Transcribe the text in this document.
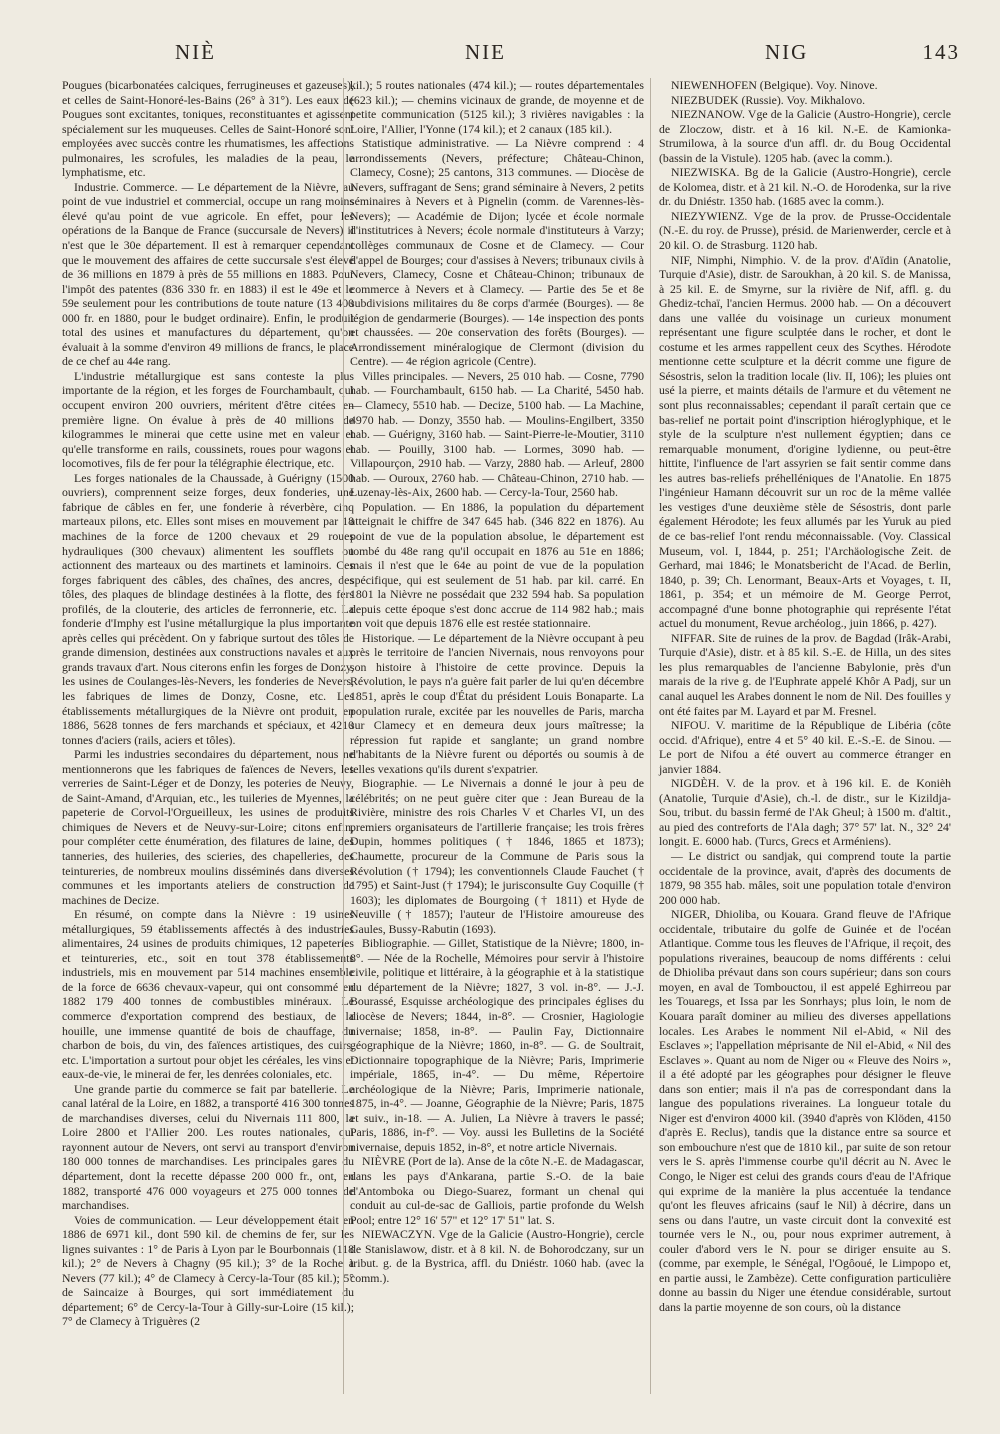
NIÈ	NIE	NIG	143

Pougues (bicarbonatées calciques, ferrugineuses et gazeuses), et celles de Saint-Honoré-les-Bains (26° à 31°). Les eaux de Pougues sont excitantes, toniques, reconstituantes et agissent spécialement sur les muqueuses. Celles de Saint-Honoré sont employées avec succès contre les rhumatismes, les affections pulmonaires, les scrofules, les maladies de la peau, le lymphatisme, etc.

Industrie. Commerce. — Le département de la Nièvre, au point de vue industriel et commercial, occupe un rang moins élevé qu'au point de vue agricole. En effet, pour les opérations de la Banque de France (succursale de Nevers) il n'est que le 30e département. Il est à remarquer cependant que le mouvement des affaires de cette succursale s'est élevé de 36 millions en 1879 à près de 55 millions en 1883. Pour l'impôt des patentes (836 330 fr. en 1883) il est le 49e et le 59e seulement pour les contributions de toute nature (13 400 000 fr. en 1880, pour le budget ordinaire). Enfin, le produit total des usines et manufactures du département, qu'on évaluait à la somme d'environ 49 millions de francs, le place de ce chef au 44e rang.

L'industrie métallurgique est sans conteste la plus importante de la région, et les forges de Fourchambault, qui occupent environ 200 ouvriers, méritent d'être citées en première ligne. On évalue à près de 40 millions de kilogrammes le minerai que cette usine met en valeur et qu'elle transforme en rails, coussinets, roues pour wagons et locomotives, fils de fer pour la télégraphie électrique, etc.

Les forges nationales de la Chaussade, à Guérigny (1500 ouvriers), comprennent seize forges, deux fonderies, une fabrique de câbles en fer, une fonderie à réverbère, cinq marteaux pilons, etc. Elles sont mises en mouvement par 18 machines de la force de 1200 chevaux et 29 roues hydrauliques (300 chevaux) alimentent les soufflets ou actionnent des marteaux ou des martinets et laminoirs. Ces forges fabriquent des câbles, des chaînes, des ancres, des tôles, des plaques de blindage destinées à la flotte, des fers profilés, de la clouterie, des articles de ferronnerie, etc. La fonderie d'Imphy est l'usine métallurgique la plus importante après celles qui précèdent. On y fabrique surtout des tôles de grande dimension, destinées aux constructions navales et aux grands travaux d'art. Nous citerons enfin les forges de Donzy, les usines de Coulanges-lès-Nevers, les fonderies de Nevers, les fabriques de limes de Donzy, Cosne, etc. Les établissements métallurgiques de la Nièvre ont produit, en 1886, 5628 tonnes de fers marchands et spéciaux, et 4210 tonnes d'aciers (rails, aciers et tôles).

Parmi les industries secondaires du département, nous ne mentionnerons que les fabriques de faïences de Nevers, les verreries de Saint-Léger et de Donzy, les poteries de Neuvy, de Saint-Amand, d'Arquian, etc., les tuileries de Myennes, la papeterie de Corvol-l'Orgueilleux, les usines de produits chimiques de Nevers et de Neuvy-sur-Loire; citons enfin, pour compléter cette énumération, des filatures de laine, des tanneries, des huileries, des scieries, des chapelleries, des teintureries, de nombreux moulins disséminés dans diverses communes et les importants ateliers de construction de machines de Decize.

En résumé, on compte dans la Nièvre : 19 usines métallurgiques, 59 établissements affectés à des industries alimentaires, 24 usines de produits chimiques, 12 papeteries et teintureries, etc., soit en tout 378 établissements industriels, mis en mouvement par 514 machines ensemble de la force de 6636 chevaux-vapeur, qui ont consommé en 1882 179 400 tonnes de combustibles minéraux. Le commerce d'exportation comprend des bestiaux, de la houille, une immense quantité de bois de chauffage, du charbon de bois, du vin, des faïences artistiques, des cuirs, etc. L'importation a surtout pour objet les céréales, les vins et eaux-de-vie, le minerai de fer, les denrées coloniales, etc.

Une grande partie du commerce se fait par batellerie. Le canal latéral de la Loire, en 1882, a transporté 416 300 tonnes de marchandises diverses, celui du Nivernais 111 800, la Loire 2800 et l'Allier 200. Les routes nationales, qui rayonnent autour de Nevers, ont servi au transport d'environ 180 000 tonnes de marchandises. Les principales gares du département, dont la recette dépasse 200 000 fr., ont, en 1882, transporté 476 000 voyageurs et 275 000 tonnes de marchandises.

Voies de communication. — Leur développement était en 1886 de 6971 kil., dont 590 kil. de chemins de fer, sur les lignes suivantes : 1° de Paris à Lyon par le Bourbonnais (118 kil.); 2° de Nevers à Chagny (95 kil.); 3° de la Roche à Nevers (77 kil.); 4° de Clamecy à Cercy-la-Tour (85 kil.); 5° de Saincaize à Bourges, qui sort immédiatement du département; 6° de Cercy-la-Tour à Gilly-sur-Loire (15 kil.); 7° de Clamecy à Triguères (2

kil.); 5 routes nationales (474 kil.); — routes départementales (623 kil.); — chemins vicinaux de grande, de moyenne et de petite communication (5125 kil.); 3 rivières navigables : la Loire, l'Allier, l'Yonne (174 kil.); et 2 canaux (185 kil.).

Statistique administrative. — La Nièvre comprend : 4 arrondissements (Nevers, préfecture; Château-Chinon, Clamecy, Cosne); 25 cantons, 313 communes. — Diocèse de Nevers, suffragant de Sens; grand séminaire à Nevers, 2 petits séminaires à Nevers et à Pignelin (comm. de Varennes-lès-Nevers); — Académie de Dijon; lycée et école normale d'institutrices à Nevers; école normale d'instituteurs à Varzy; collèges communaux de Cosne et de Clamecy. — Cour d'appel de Bourges; cour d'assises à Nevers; tribunaux civils à Nevers, Clamecy, Cosne et Château-Chinon; tribunaux de commerce à Nevers et à Clamecy. — Partie des 5e et 8e subdivisions militaires du 8e corps d'armée (Bourges). — 8e légion de gendarmerie (Bourges). — 14e inspection des ponts et chaussées. — 20e conservation des forêts (Bourges). — Arrondissement minéralogique de Clermont (division du Centre). — 4e région agricole (Centre).

Villes principales. — Nevers, 25 010 hab. — Cosne, 7790 hab. — Fourchambault, 6150 hab. — La Charité, 5450 hab. — Clamecy, 5510 hab. — Decize, 5100 hab. — La Machine, 4970 hab. — Donzy, 3550 hab. — Moulins-Engilbert, 3350 hab. — Guérigny, 3160 hab. — Saint-Pierre-le-Moutier, 3110 hab. — Pouilly, 3100 hab. — Lormes, 3090 hab. — Villapourçon, 2910 hab. — Varzy, 2880 hab. — Arleuf, 2800 hab. — Ouroux, 2760 hab. — Château-Chinon, 2710 hab. — Luzenay-lès-Aix, 2600 hab. — Cercy-la-Tour, 2560 hab.

Population. — En 1886, la population du département atteignait le chiffre de 347 645 hab. (346 822 en 1876). Au point de vue de la population absolue, le département est tombé du 48e rang qu'il occupait en 1876 au 51e en 1886; mais il n'est que le 64e au point de vue de la population spécifique, qui est seulement de 51 hab. par kil. carré. En 1801 la Nièvre ne possédait que 232 594 hab. Sa population depuis cette époque s'est donc accrue de 114 982 hab.; mais on voit que depuis 1876 elle est restée stationnaire.

Historique. — Le département de la Nièvre occupant à peu près le territoire de l'ancien Nivernais, nous renvoyons pour son histoire à l'histoire de cette province. Depuis la Révolution, le pays n'a guère fait parler de lui qu'en décembre 1851, après le coup d'État du président Louis Bonaparte. La population rurale, excitée par les nouvelles de Paris, marcha sur Clamecy et en demeura deux jours maîtresse; la répression fut rapide et sanglante; un grand nombre d'habitants de la Nièvre furent ou déportés ou soumis à de telles vexations qu'ils durent s'expatrier.

Biographie. — Le Nivernais a donné le jour à peu de célébrités; on ne peut guère citer que : Jean Bureau de la Rivière, ministre des rois Charles V et Charles VI, un des premiers organisateurs de l'artillerie française; les trois frères Dupin, hommes politiques († 1846, 1865 et 1873); Chaumette, procureur de la Commune de Paris sous la Révolution († 1794); les conventionnels Claude Fauchet († 1795) et Saint-Just († 1794); le jurisconsulte Guy Coquille († 1603); les diplomates de Bourgoing († 1811) et Hyde de Neuville († 1857); l'auteur de l'Histoire amoureuse des Gaules, Bussy-Rabutin (1693).

Bibliographie. — Gillet, Statistique de la Nièvre; 1800, in-8°. — Née de la Rochelle, Mémoires pour servir à l'histoire civile, politique et littéraire, à la géographie et à la statistique du département de la Nièvre; 1827, 3 vol. in-8°. — J.-J. Bourassé, Esquisse archéologique des principales églises du diocèse de Nevers; 1844, in-8°. — Crosnier, Hagiologie nivernaise; 1858, in-8°. — Paulin Fay, Dictionnaire géographique de la Nièvre; 1860, in-8°. — G. de Soultrait, Dictionnaire topographique de la Nièvre; Paris, Imprimerie impériale, 1865, in-4°. — Du même, Répertoire archéologique de la Nièvre; Paris, Imprimerie nationale, 1875, in-4°. — Joanne, Géographie de la Nièvre; Paris, 1875 et suiv., in-18. — A. Julien, La Nièvre à travers le passé; Paris, 1886, in-f°. — Voy. aussi les Bulletins de la Société nivernaise, depuis 1852, in-8°, et notre article Nivernais.

NIÈVRE (Port de la). Anse de la côte N.-E. de Madagascar, dans les pays d'Ankarana, partie S.-O. de la baie d'Antomboka ou Diego-Suarez, formant un chenal qui conduit au cul-de-sac de Galliois, partie profonde du Welsh Pool; entre 12° 16' 57" et 12° 17' 51" lat. S.

NIEWACZYN. Vge de la Galicie (Austro-Hongrie), cercle de Stanislawow, distr. et à 8 kil. N. de Bohorodczany, sur un tribut. g. de la Bystrica, affl. du Dniéstr. 1060 hab. (avec la comm.).

NIEWENHOFEN (Belgique). Voy. Ninove.

NIEZBUDEK (Russie). Voy. Mikhalovo.

NIEZNANOW. Vge de la Galicie (Austro-Hongrie), cercle de Zloczow, distr. et à 16 kil. N.-E. de Kamionka-Strumilowa, à la source d'un affl. dr. du Boug Occidental (bassin de la Vistule). 1205 hab. (avec la comm.).

NIEZWISKA. Bg de la Galicie (Austro-Hongrie), cercle de Kolomea, distr. et à 21 kil. N.-O. de Horodenka, sur la rive dr. du Dniéstr. 1350 hab. (1685 avec la comm.).

NIEZYWIENZ. Vge de la prov. de Prusse-Occidentale (N.-E. du roy. de Prusse), présid. de Marienwerder, cercle et à 20 kil. O. de Strasburg. 1120 hab.

NIF, Nimphi, Nimphio. V. de la prov. d'Aïdin (Anatolie, Turquie d'Asie), distr. de Saroukhan, à 20 kil. S. de Manissa, à 25 kil. E. de Smyrne, sur la rivière de Nif, affl. g. du Ghediz-tchaï, l'ancien Hermus. 2000 hab. — On a découvert dans une vallée du voisinage un curieux monument représentant une figure sculptée dans le rocher, et dont le costume et les armes rappellent ceux des Scythes. Hérodote mentionne cette sculpture et la décrit comme une figure de Sésostris, selon la tradition locale (liv. II, 106); les pluies ont usé la pierre, et maints détails de l'armure et du vêtement ne sont plus reconnaissables; cependant il paraît certain que ce bas-relief ne portait point d'inscription hiéroglyphique, et le style de la sculpture n'est nullement égyptien; dans ce remarquable monument, d'origine lydienne, ou peut-être hittite, l'influence de l'art assyrien se fait sentir comme dans les autres bas-reliefs préhelléniques de l'Anatolie. En 1875 l'ingénieur Hamann découvrit sur un roc de la même vallée les vestiges d'une deuxième stèle de Sésostris, dont parle également Hérodote; les feux allumés par les Yuruk au pied de ce bas-relief l'ont rendu méconnaissable. (Voy. Classical Museum, vol. I, 1844, p. 251; l'Archäologische Zeit. de Gerhard, mai 1846; le Monatsbericht de l'Acad. de Berlin, 1840, p. 39; Ch. Lenormant, Beaux-Arts et Voyages, t. II, 1861, p. 354; et un mémoire de M. George Perrot, accompagné d'une bonne photographie qui représente l'état actuel du monument, Revue archéolog., juin 1866, p. 427).

NIFFAR. Site de ruines de la prov. de Bagdad (Irâk-Arabi, Turquie d'Asie), distr. et à 85 kil. S.-E. de Hilla, un des sites les plus remarquables de l'ancienne Babylonie, près d'un marais de la rive g. de l'Euphrate appelé Khôr A Padj, sur un canal auquel les Arabes donnent le nom de Nil. Des fouilles y ont été faites par M. Layard et par M. Fresnel.

NIFOU. V. maritime de la République de Libéria (côte occid. d'Afrique), entre 4 et 5° 40 kil. E.-S.-E. de Sinou. — Le port de Nifou a été ouvert au commerce étranger en janvier 1884.

NIGDÈH. V. de la prov. et à 196 kil. E. de Konièh (Anatolie, Turquie d'Asie), ch.-l. de distr., sur le Kizildja-Sou, tribut. du bassin fermé de l'Ak Gheul; à 1500 m. d'altit., au pied des contreforts de l'Ala dagh; 37° 57' lat. N., 32° 24' longit. E. 6000 hab. (Turcs, Grecs et Arméniens).

— Le district ou sandjak, qui comprend toute la partie occidentale de la province, avait, d'après des documents de 1879, 98 355 hab. mâles, soit une population totale d'environ 200 000 hab.

NIGER, Dhioliba, ou Kouara. Grand fleuve de l'Afrique occidentale, tributaire du golfe de Guinée et de l'océan Atlantique. Comme tous les fleuves de l'Afrique, il reçoit, des populations riveraines, beaucoup de noms différents : celui de Dhioliba prévaut dans son cours supérieur; dans son cours moyen, en aval de Tombouctou, il est appelé Eghirreou par les Touaregs, et Issa par les Sonrhays; plus loin, le nom de Kouara paraît dominer au milieu des diverses appellations locales. Les Arabes le nomment Nil el-Abid, « Nil des Esclaves »; l'appellation méprisante de Nil el-Abid, « Nil des Esclaves ». Quant au nom de Niger ou « Fleuve des Noirs », il a été adopté par les géographes pour désigner le fleuve dans son entier; mais il n'a pas de correspondant dans la langue des populations riveraines. La longueur totale du Niger est d'environ 4000 kil. (3940 d'après von Klöden, 4150 d'après E. Reclus), tandis que la distance entre sa source et son embouchure n'est que de 1810 kil., par suite de son retour vers le S. après l'immense courbe qu'il décrit au N. Avec le Congo, le Niger est celui des grands cours d'eau de l'Afrique qui exprime de la manière la plus accentuée la tendance qu'ont les fleuves africains (sauf le Nil) à décrire, dans un sens ou dans l'autre, un vaste circuit dont la convexité est tournée vers le N., ou, pour nous exprimer autrement, à couler d'abord vers le N. pour se diriger ensuite au S. (comme, par exemple, le Sénégal, l'Ogôoué, le Limpopo et, en partie aussi, le Zambèze). Cette configuration particulière donne au bassin du Niger une étendue considérable, surtout dans la partie moyenne de son cours, où la distance
